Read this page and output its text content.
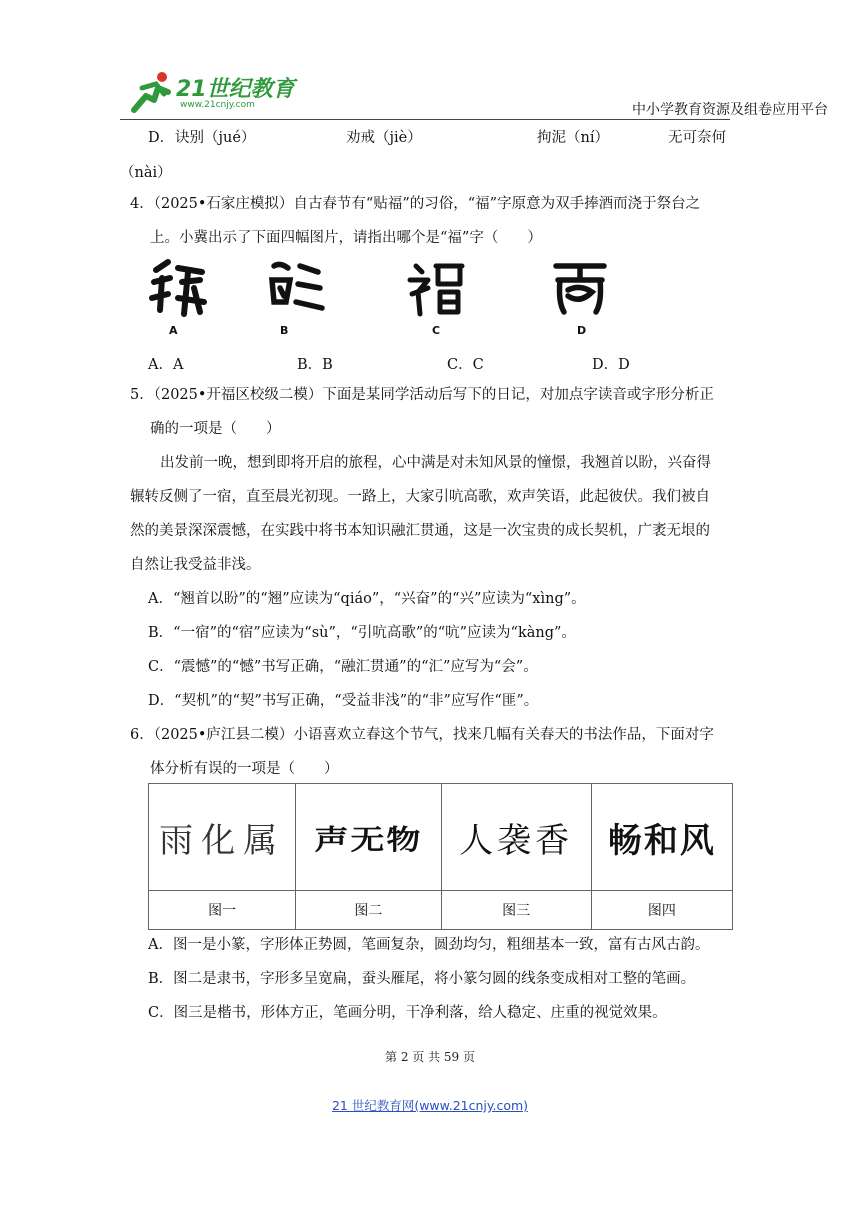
21世纪教育
www.21cnjy.com	中小学教育资源及组卷应用平台
D． 诀别（jué）	劝戒（jiè）	拘泥（ní）	无可奈何
（nài）
4．（2025•石家庄模拟）自古春节有“贴福”的习俗，“福”字原意为双手捧酒而浇于祭台之
上。小冀出示了下面四幅图片，请指出哪个是“福”字（　　）
A	B	C	D
A．A	B．B	C．C	D．D
5．（2025•开福区校级二模）下面是某同学活动后写下的日记，对加点字读音或字形分析正
确的一项是（　　）
出发前一晚，想到即将开启的旅程，心中满是对未知风景的憧憬，我翘首以盼，兴奋得
辗转反侧了一宿，直至晨光初现。一路上，大家引吭高歌，欢声笑语，此起彼伏。我们被自
然的美景深深震憾，在实践中将书本知识融汇贯通，这是一次宝贵的成长契机，广袤无垠的
自然让我受益非浅。
A．“翘首以盼”的“翘”应读为“qiáo”，“兴奋”的“兴”应读为“xìng”。
B．“一宿”的“宿”应读为“sù”，“引吭高歌”的“吭”应读为“kàng”。
C．“震憾”的“憾”书写正确，“融汇贯通”的“汇”应写为“会”。
D．“契机”的“契”书写正确，“受益非浅”的“非”应写作“匪”。
6．（2025•庐江县二模）小语喜欢立春这个节气，找来几幅有关春天的书法作品，下面对字
体分析有误的一项是（　　）
雨化属	声无物	人袭香	畅和风

图一	图二	图三	图四
A．图一是小篆，字形体正势圆，笔画复杂，圆劲均匀，粗细基本一致，富有古风古韵。
B．图二是隶书，字形多呈宽扁，蚕头雁尾，将小篆匀圆的线条变成相对工整的笔画。
C．图三是楷书，形体方正，笔画分明，干净利落，给人稳定、庄重的视觉效果。
第 2 页 共 59 页
21 世纪教育网(www.21cnjy.com)
